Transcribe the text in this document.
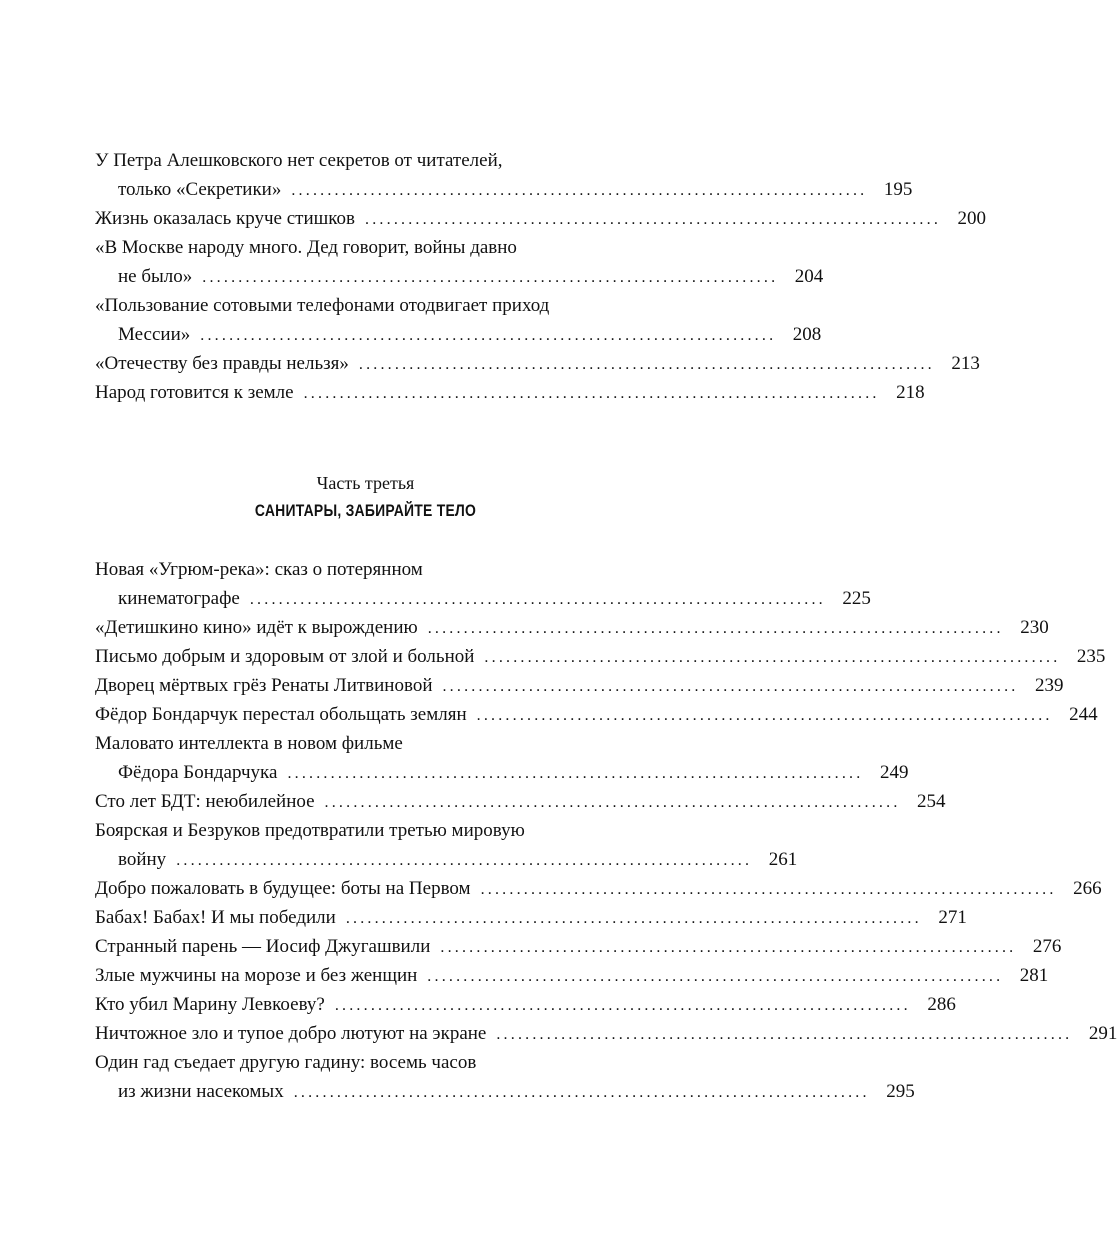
У Петра Алешковского нет секретов от читателей,
только «Секретики» ................................................................................ 195
Жизнь оказалась круче стишков ................................................................................ 200
«В Москве народу много. Дед говорит, войны давно
не было» ................................................................................ 204
«Пользование сотовыми телефонами отодвигает приход
Мессии» ................................................................................ 208
«Отечеству без правды нельзя» ................................................................................ 213
Народ готовится к земле ................................................................................ 218
Часть третья
САНИТАРЫ, ЗАБИРАЙТЕ ТЕЛО
Новая «Угрюм-река»: сказ о потерянном
кинематографе ................................................................................ 225
«Детишкино кино» идёт к вырождению ................................................................................ 230
Письмо добрым и здоровым от злой и больной ................................................................................ 235
Дворец мёртвых грёз Ренаты Литвиновой ................................................................................ 239
Фёдор Бондарчук перестал обольщать землян ................................................................................ 244
Маловато интеллекта в новом фильме
Фёдора Бондарчука ................................................................................ 249
Сто лет БДТ: неюбилейное ................................................................................ 254
Боярская и Безруков предотвратили третью мировую
войну ................................................................................ 261
Добро пожаловать в будущее: боты на Первом ................................................................................ 266
Бабах! Бабах! И мы победили ................................................................................ 271
Странный парень — Иосиф Джугашвили ................................................................................ 276
Злые мужчины на морозе и без женщин ................................................................................ 281
Кто убил Марину Левкоеву? ................................................................................ 286
Ничтожное зло и тупое добро лютуют на экране ................................................................................ 291
Один гад съедает другую гадину: восемь часов
из жизни насекомых ................................................................................ 295
